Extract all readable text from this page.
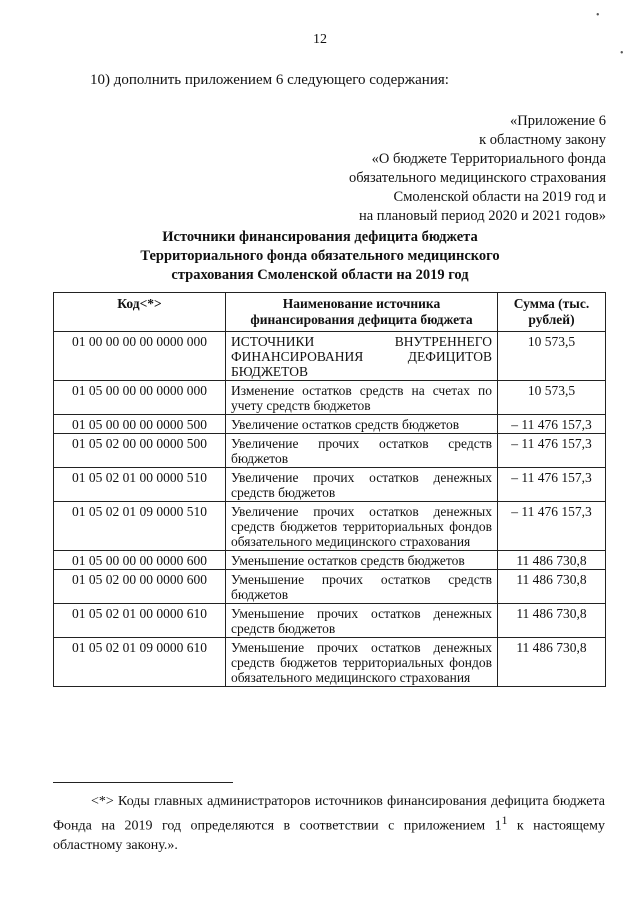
12
10) дополнить приложением 6 следующего содержания:
«Приложение 6
к областному закону
«О бюджете Территориального фонда
обязательного медицинского страхования
Смоленской области на 2019 год и
на плановый период 2020 и 2021 годов»
Источники финансирования дефицита бюджета
Территориального фонда обязательного медицинского
страхования Смоленской области на 2019 год
Код<*>	Наименование источника финансирования дефицита бюджета	Сумма (тыс. рублей)
01 00 00 00 00 0000 000	ИСТОЧНИКИ ВНУТРЕННЕГО ФИНАНСИРОВАНИЯ ДЕФИЦИТОВ БЮДЖЕТОВ	10 573,5
01 05 00 00 00 0000 000	Изменение остатков средств на счетах по учету средств бюджетов	10 573,5
01 05 00 00 00 0000 500	Увеличение остатков средств бюджетов	– 11 476 157,3
01 05 02 00 00 0000 500	Увеличение прочих остатков средств бюджетов	– 11 476 157,3
01 05 02 01 00 0000 510	Увеличение прочих остатков денежных средств бюджетов	– 11 476 157,3
01 05 02 01 09 0000 510	Увеличение прочих остатков денежных средств бюджетов территориальных фондов обязательного медицинского страхования	– 11 476 157,3
01 05 00 00 00 0000 600	Уменьшение остатков средств бюджетов	11 486 730,8
01 05 02 00 00 0000 600	Уменьшение прочих остатков средств бюджетов	11 486 730,8
01 05 02 01 00 0000 610	Уменьшение прочих остатков денежных средств бюджетов	11 486 730,8
01 05 02 01 09 0000 610	Уменьшение прочих остатков денежных средств бюджетов территориальных фондов обязательного медицинского страхования	11 486 730,8
<*> Коды главных администраторов источников финансирования дефицита бюджета Фонда на 2019 год определяются в соответствии с приложением $1^1$ к настоящему областному закону.».
•
•
